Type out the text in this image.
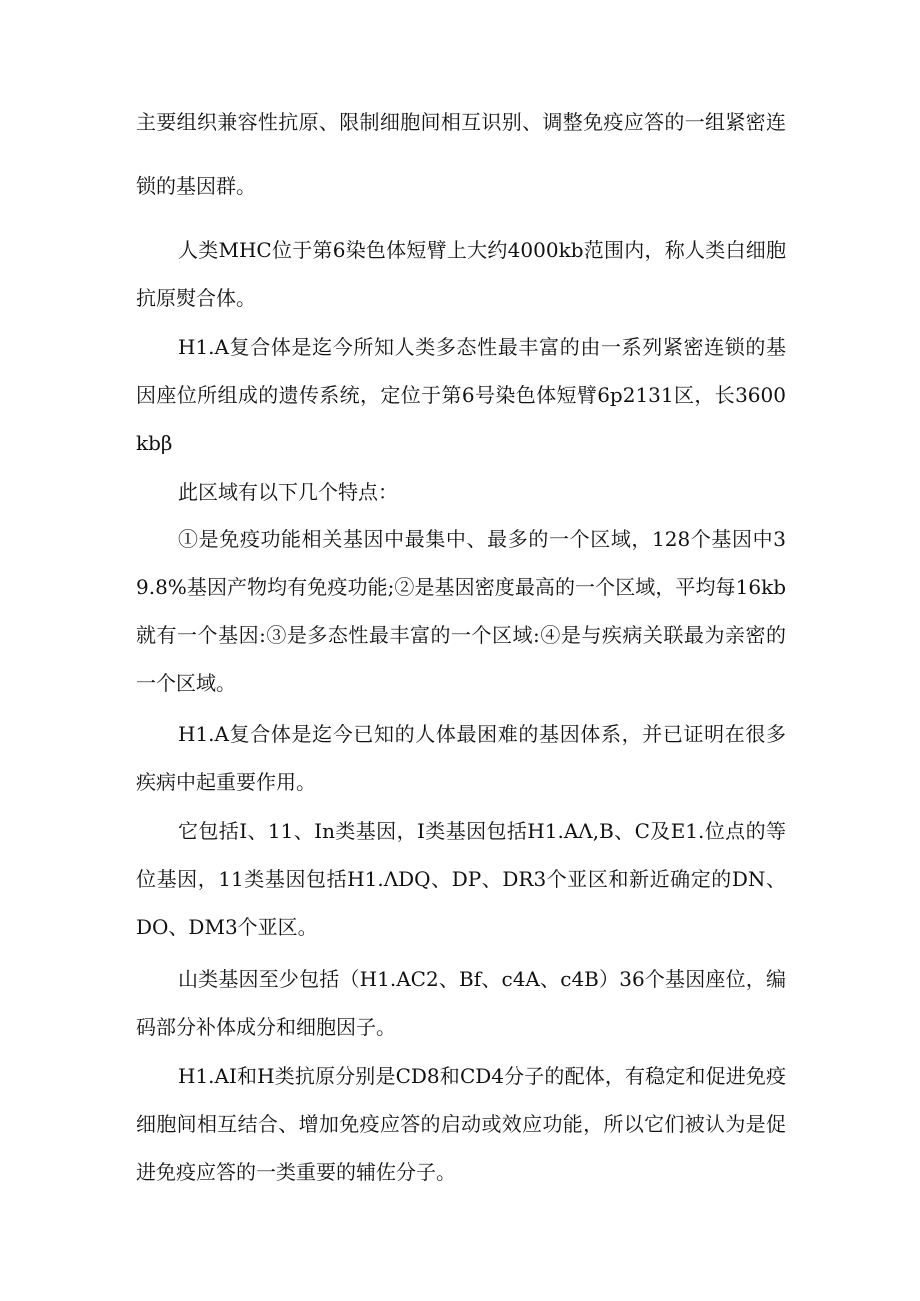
主要组织兼容性抗原、限制细胞间相互识别、调整免疫应答的一组紧密连锁的基因群。

人类MHC位于第6染色体短臂上大约4000kb范围内，称人类白细胞抗原熨合体。

H1.A复合体是迄今所知人类多态性最丰富的由一系列紧密连锁的基因座位所组成的遗传系统，定位于第6号染色体短臂6p2131区，长3600kbβ

此区域有以下几个特点：

①是免疫功能相关基因中最集中、最多的一个区域，128个基因中39.8%基因产物均有免疫功能;②是基因密度最高的一个区域，平均每16kb就有一个基因:③是多态性最丰富的一个区域:④是与疾病关联最为亲密的一个区域。

H1.A复合体是迄今已知的人体最困难的基因体系，并已证明在很多疾病中起重要作用。

它包括I、11、In类基因，I类基因包括H1.AΛ,B、C及E1.位点的等位基因，11类基因包括H1.ΛDQ、DP、DR3个亚区和新近确定的DN、DO、DM3个亚区。

山类基因至少包括（H1.AC2、Bf、c4A、c4B）36个基因座位，编码部分补体成分和细胞因子。

H1.AI和H类抗原分别是CD8和CD4分子的配体，有稳定和促进免疫细胞间相互结合、增加免疫应答的启动或效应功能，所以它们被认为是促进免疫应答的一类重要的辅佐分子。
